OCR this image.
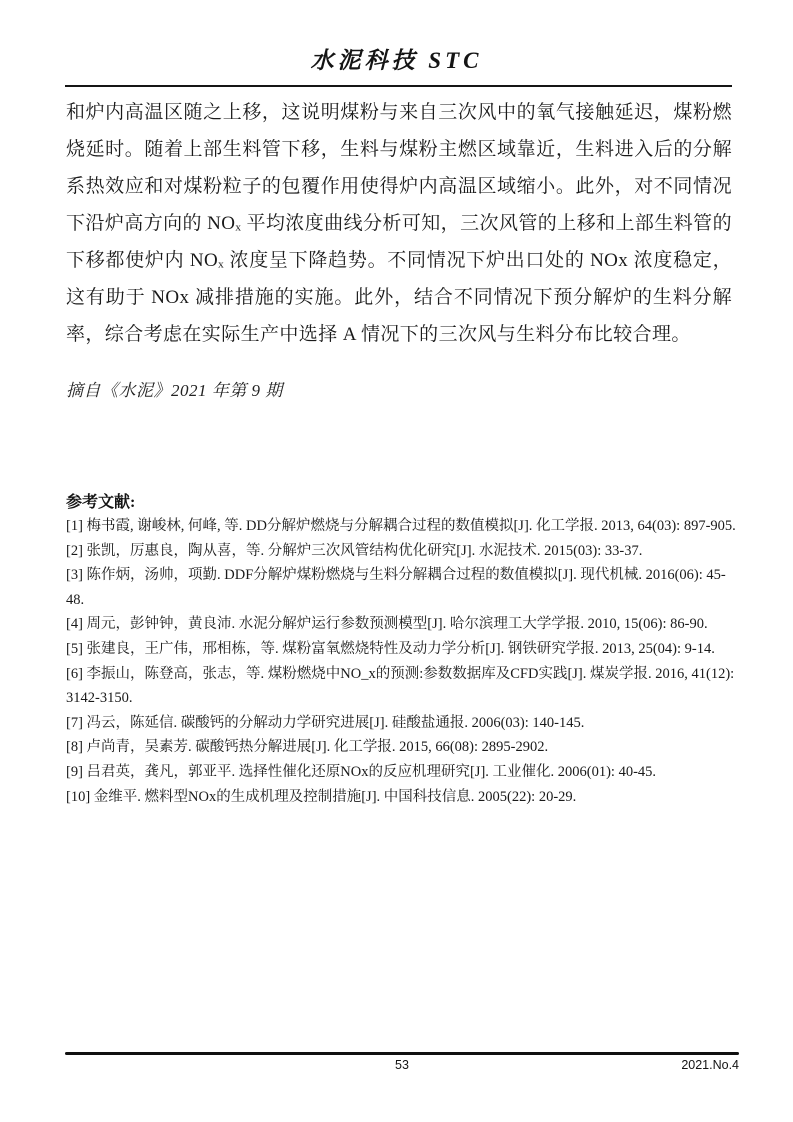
水泥科技 STC
和炉内高温区随之上移，这说明煤粉与来自三次风中的氧气接触延迟，煤粉燃烧延时。随着上部生料管下移，生料与煤粉主燃区域靠近，生料进入后的分解系热效应和对煤粉粒子的包覆作用使得炉内高温区域缩小。此外，对不同情况下沿炉高方向的 NOₓ 平均浓度曲线分析可知，三次风管的上移和上部生料管的下移都使炉内 NOₓ 浓度呈下降趋势。不同情况下炉出口处的 NOx 浓度稳定，这有助于 NOx 减排措施的实施。此外，结合不同情况下预分解炉的生料分解率，综合考虑在实际生产中选择 A 情况下的三次风与生料分布比较合理。
摘自《水泥》2021 年第 9 期
参考文献:
[1] 梅书霞, 谢峻林, 何峰, 等. DD分解炉燃烧与分解耦合过程的数值模拟[J]. 化工学报. 2013, 64(03): 897-905.
[2] 张凯，厉惠良，陶从喜，等. 分解炉三次风管结构优化研究[J]. 水泥技术. 2015(03): 33-37.
[3] 陈作炳，汤帅，项勤. DDF分解炉煤粉燃烧与生料分解耦合过程的数值模拟[J]. 现代机械. 2016(06): 45-48.
[4] 周元，彭钟钟，黄良沛. 水泥分解炉运行参数预测模型[J]. 哈尔滨理工大学学报. 2010, 15(06): 86-90.
[5] 张建良，王广伟，邢相栋，等. 煤粉富氧燃烧特性及动力学分析[J]. 钢铁研究学报. 2013, 25(04): 9-14.
[6] 李振山，陈登高，张志，等. 煤粉燃烧中NO_x的预测:参数数据库及CFD实践[J]. 煤炭学报. 2016, 41(12): 3142-3150.
[7] 冯云，陈延信. 碳酸钙的分解动力学研究进展[J]. 硅酸盐通报. 2006(03): 140-145.
[8] 卢尚青，吴素芳. 碳酸钙热分解进展[J]. 化工学报. 2015, 66(08): 2895-2902.
[9] 吕君英，龚凡，郭亚平. 选择性催化还原NOx的反应机理研究[J]. 工业催化. 2006(01): 40-45.
[10] 金维平. 燃料型NOx的生成机理及控制措施[J]. 中国科技信息. 2005(22): 20-29.
53	2021.No.4
